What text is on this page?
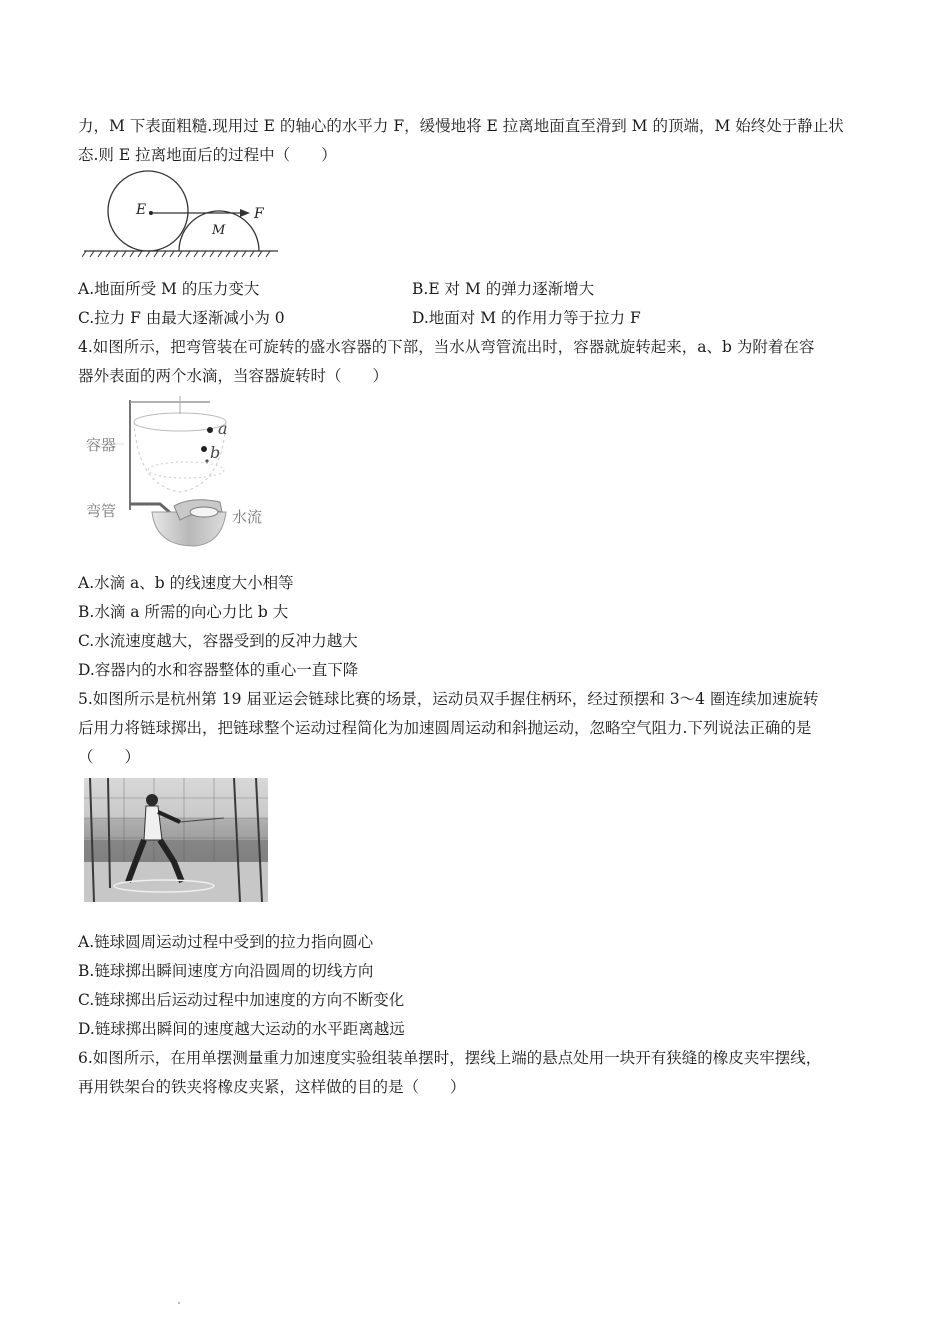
力，M 下表面粗糙.现用过 E 的轴心的水平力 F，缓慢地将 E 拉离地面直至滑到 M 的顶端，M 始终处于静止状
态.则 E 拉离地面后的过程中（　　）
E
M
F
A.地面所受 M 的压力变大	B.E 对 M 的弹力逐渐增大
C.拉力 F 由最大逐渐减小为 0	D.地面对 M 的作用力等于拉力 F
4.如图所示，把弯管装在可旋转的盛水容器的下部，当水从弯管流出时，容器就旋转起来，a、b 为附着在容
器外表面的两个水滴，当容器旋转时（　　）
a
b
容器
弯管	水流
A.水滴 a、b 的线速度大小相等
B.水滴 a 所需的向心力比 b 大
C.水流速度越大，容器受到的反冲力越大
D.容器内的水和容器整体的重心一直下降
5.如图所示是杭州第 19 届亚运会链球比赛的场景，运动员双手握住柄环，经过预摆和 3～4 圈连续加速旋转
后用力将链球掷出，把链球整个运动过程简化为加速圆周运动和斜抛运动，忽略空气阻力.下列说法正确的是
（　　）
A.链球圆周运动过程中受到的拉力指向圆心
B.链球掷出瞬间速度方向沿圆周的切线方向
C.链球掷出后运动过程中加速度的方向不断变化
D.链球掷出瞬间的速度越大运动的水平距离越远
6.如图所示，在用单摆测量重力加速度实验组装单摆时，摆线上端的悬点处用一块开有狭缝的橡皮夹牢摆线，
再用铁架台的铁夹将橡皮夹紧，这样做的目的是（　　）
